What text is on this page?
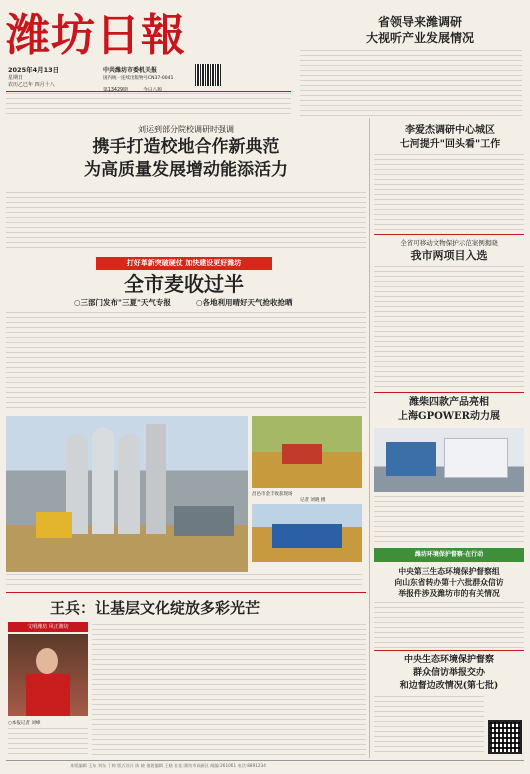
潍坊日報
2025年4月13日
星期日
农历乙巳年 四月十八
中共潍坊市委机关报
国内统一连续出版物号CN37-0041
省领导来潍调研
大视听产业发展情况
刘运到部分院校调研时强调
携手打造校地合作新典范
为高质量发展增动能添活力
打好革新突破硬仗 加快建设更好潍坊
全市麦收过半
○三部门发布"三夏"天气专报	○各地利用晴好天气抢收抢晒
昌邑市金丰收获现场
记者 刘晓 摄
王兵：让基层文化绽放多彩光芒
文明潍坊 风正潍坊
○本报记者 刘峰
李爱杰调研中心城区
七河提升"回头看"工作
全省可移动文物保护示范案例揭晓
我市两项目入选
潍柴四款产品亮相
上海GPOWER动力展
潍坊环境保护督察·在行动
中央第三生态环境保护督察组
向山东省转办第十六批群众信访
举报件涉及潍坊市的有关情况
中央生态环境保护督察
群众信访举报交办
和边督边改情况(第七批)
本版编辑 王东 刘东 丁帅 版式设计 陈 晓 值班编辑 王晓 社址:潍坊市高新区 邮编:261061 电话:8891234
